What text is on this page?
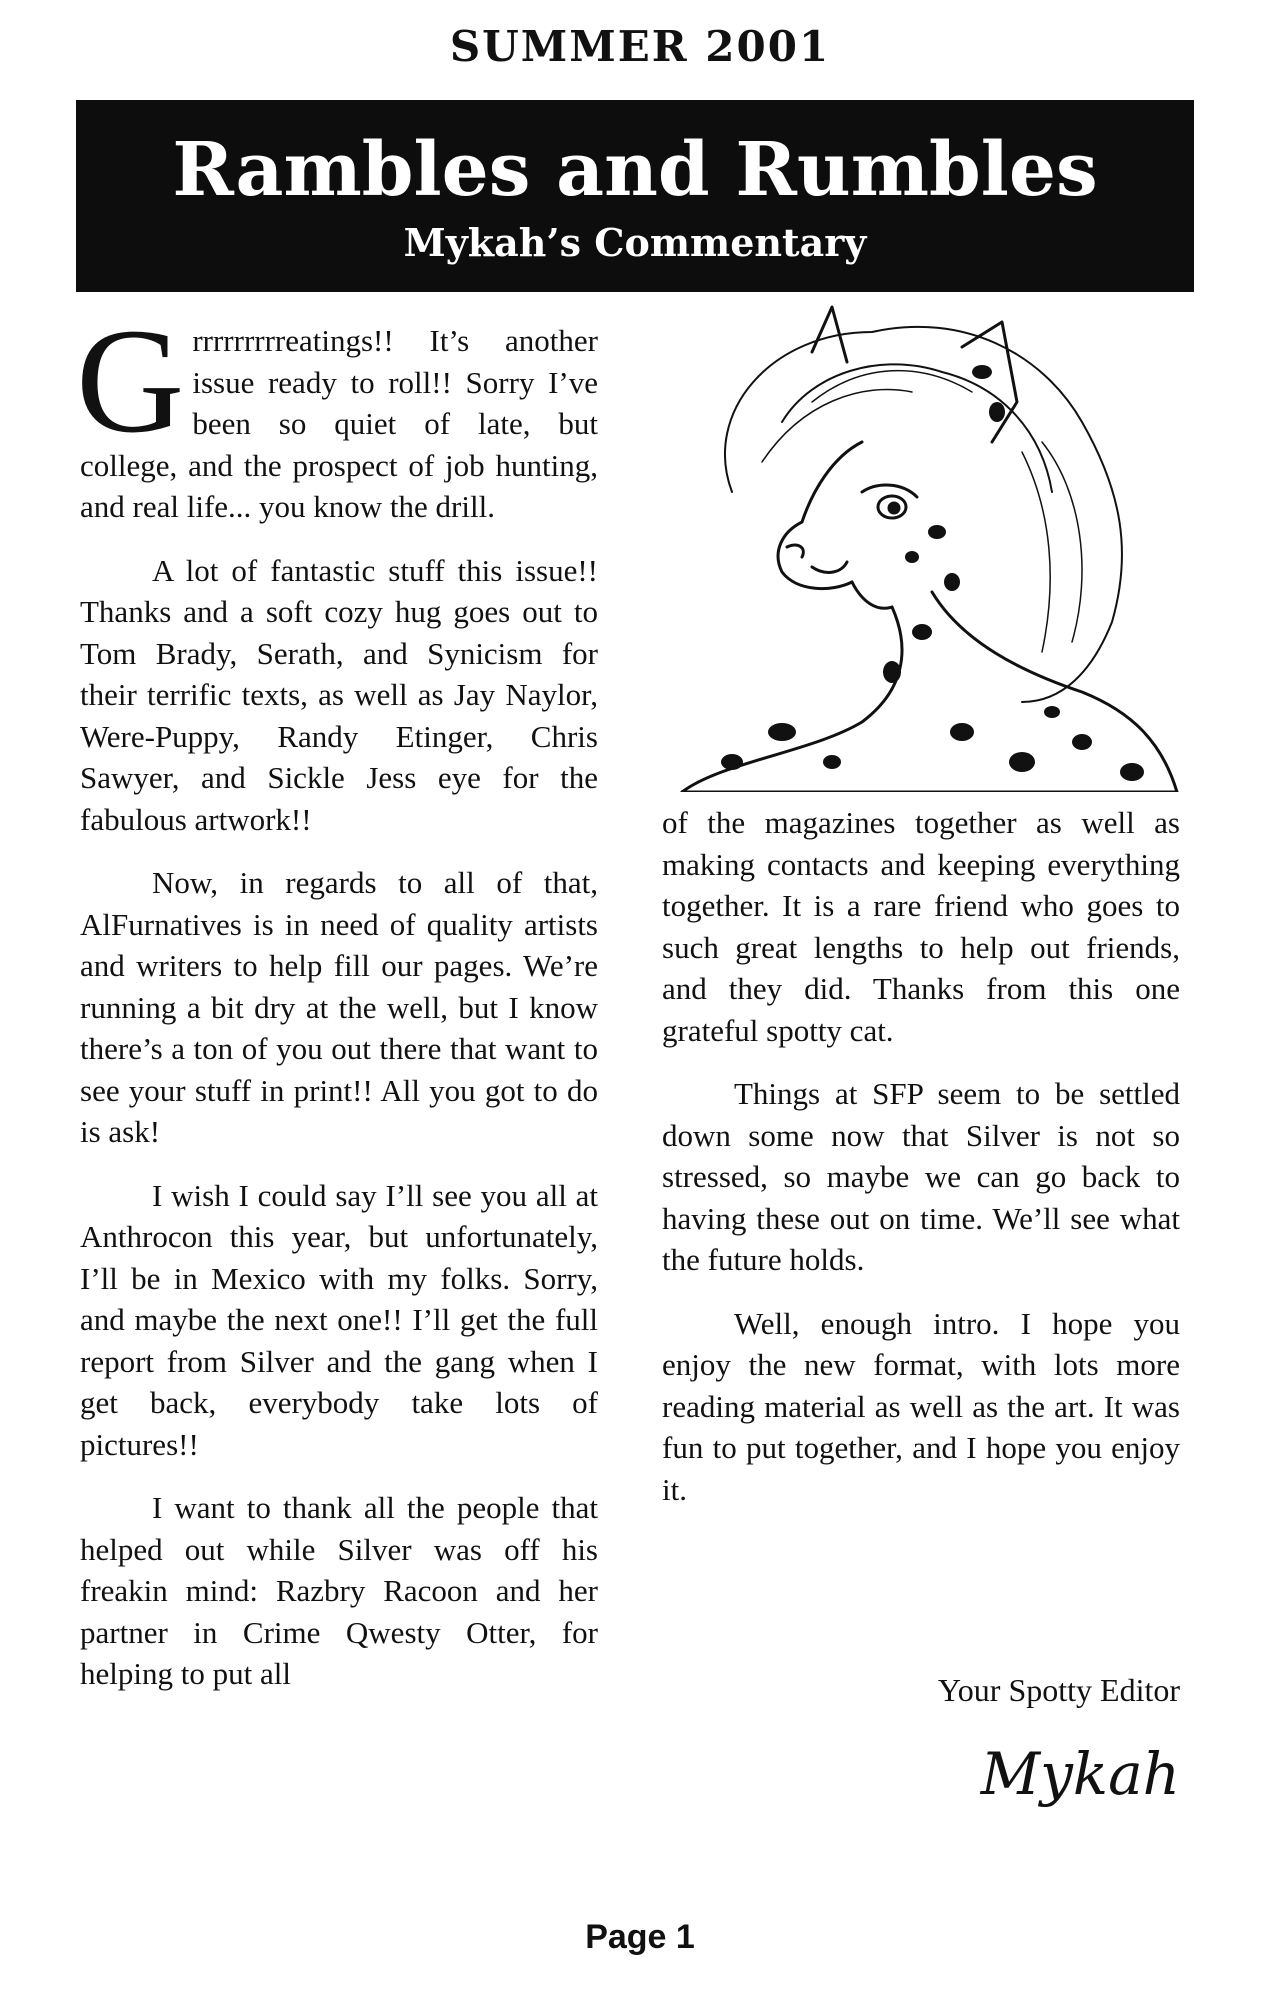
SUMMER 2001
Rambles and Rumbles
Mykah’s Commentary

Grrrrrrrrreatings!! It’s another issue ready to roll!! Sorry I’ve been so quiet of late, but college, and the prospect of job hunting, and real life... you know the drill.

A lot of fantastic stuff this issue!! Thanks and a soft cozy hug goes out to Tom Brady, Serath, and Synicism for their terrific texts, as well as Jay Naylor, Were-Puppy, Randy Etinger, Chris Sawyer, and Sickle Jess eye for the fabulous artwork!!

Now, in regards to all of that, AlFurnatives is in need of quality artists and writers to help fill our pages. We’re running a bit dry at the well, but I know there’s a ton of you out there that want to see your stuff in print!! All you got to do is ask!

I wish I could say I’ll see you all at Anthrocon this year, but unfortunately, I’ll be in Mexico with my folks. Sorry, and maybe the next one!! I’ll get the full report from Silver and the gang when I get back, everybody take lots of pictures!!

I want to thank all the people that helped out while Silver was off his freakin mind: Razbry Racoon and her partner in Crime Qwesty Otter, for helping to put all

of the magazines together as well as making contacts and keeping everything together. It is a rare friend who goes to such great lengths to help out friends, and they did. Thanks from this one grateful spotty cat.

Things at SFP seem to be settled down some now that Silver is not so stressed, so maybe we can go back to having these out on time. We’ll see what the future holds.

Well, enough intro. I hope you enjoy the new format, with lots more reading material as well as the art. It was fun to put together, and I hope you enjoy it.

Your Spotty Editor
Mykah
Page 1
